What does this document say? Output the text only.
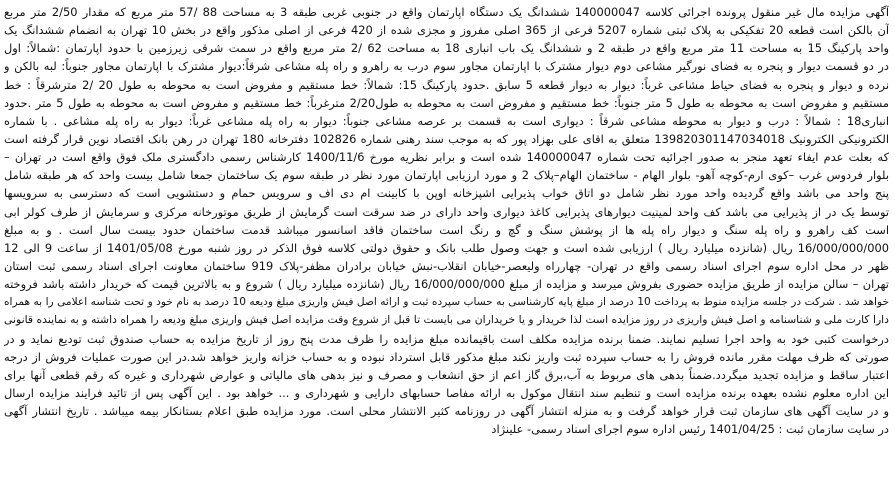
آگهی مزایده مال غیر منقول پرونده اجرائی کلاسه 140000047 ششدانگ یک دستگاه اپارتمان واقع در جنوبی غربی طبقه 3 به مساحت 88 /57 متر مربع که مقدار 2/50 متر مربع
آن بالکن است قطعه 20 تفکیکی به پلاک ثبتی شماره 5207 فرعی از 365 اصلی مفروز و مجزی شده از 420 فرعی از اصلی مذکور واقع در بخش 10 تهران به انضمام ششدانگ یک
واحد پارکینگ 15 به مساحت 11 متر مربع واقع در طبقه 2 و ششدانگ یک باب انباری 18 به مساحت 62 /2 متر مربع واقع در سمت شرقی زیرزمین با حدود اپارتمان :شمالاً: اول
در دو قسمت دیوار و پنجره به فضای نورگیر مشاعی دوم دیوار مشترک با اپارتمان مجاور سوم درب به راهرو و راه پله مشاعی شرقاً:دیوار مشترک با اپارتمان مجاور جنوباً: لبه بالکن و
نرده و دیوار و پنجره به فضای حیاط مشاعی غرباً: دیوار به دیوار قطعه 5 سابق .حدود پارکینگ 15: شمالاً: خط مستقیم و مفروض است به محوطه به طول 20 /2 مترشرقاً : خط
مستقیم و مفروض است به محوطه به طول 5 متر جنوباً: خط مستقیم و مفروض است به محوطه به طول2/20 مترغرباً: خط مستقیم و مفروض است به محوطه به طول 5 متر .حدود
انباری18 : شمالاً : درب و دیوار به محوطه مشاعی شرقاً : دیواری است به قسمت بر عرصه مشاعی جنوباً: دیوار به راه پله مشاعی غرباً: دیوار به راه پله مشاعی . با شماره
الکترونیکی الکترونیک 139820301147034018 متعلق به اقای علی بهزاد پور که به موجب سند رهنی شماره 102826 دفترخانه 180 تهران در رهن بانک اقتصاد نوین قرار گرفته است
که بعلت عدم ایفاء تعهد منجر به صدور اجرائیه تحت شماره 140000047 شده است و برابر نظریه مورخ 1400/11/6 کارشناس رسمی دادگستری ملک فوق واقع است در تهران –
بلوار فردوس غرب –کوی ارم-کوچه آهو- بلوار الهام - ساختمان الهام–پلاک 2 و مورد ارزیابی اپارتمان مورد نظر در طبقه سوم یک ساختمان جمعا شامل بیست واحد که هر طبقه شامل
پنج واحد می باشد واقع گردیده واحد مورد نظر شامل دو اتاق خواب پذیرایی اشپزخانه اوپن با کابینت ام دی اف و سرویس حمام و دستشویی است که دسترسی به سرویسها
توسط یک در از پذیرایی می باشد کف واحد لمینیت دیوارهای پذیرایی کاغذ دیواری واحد دارای در ضد سرقت است گرمایش از طریق موتورخانه مرکزی و سرمایش از طرف کولر ابی
است کف راهرو و راه پله سنگ و دیوار راه پله ها از پوشش سنگ و گچ و رنگ است ساختمان فاقد اسانسور میباشد قدمت ساختمان حدود بیست سال است . و به مبلغ
16/000/000/000 ریال (شانزده میلیارد ریال ) ارزیابی شده است و جهت وصول طلب بانک و حقوق دولتی کلاسه فوق الذکر در روز شنبه مورخ 1401/05/08 از ساعت 9 الی 12
ظهر در محل اداره سوم اجرای اسناد رسمی واقع در تهران- چهارراه ولیعصر-خیابان انقلاب-نبش خیابان برادران مظفر-پلاک 919 ساختمان معاونت اجرای اسناد رسمی ثبت استان
تهران – سالن مزایده از طریق مزایده حضوری بفروش میرسد و مزایده از مبلغ 16/000/000/000 ریال (شانزده میلیارد ریال ) شروع و به بالاترین قیمت که خریدار داشته باشد فروخته
خواهد شد . شرکت در جلسه مزایده منوط به پرداخت 10 درصد از مبلغ پایه کارشناسی به حساب سپرده ثبت و ارائه اصل فیش واریزی مبلغ ودیعه 10 درصد به نام خود و تحت شناسه اعلامی را به همراه
دارا کارت ملی و شناسنامه و اصل فیش واریزی در روز مزایده است لذا خریدار و یا خریداران می بایست تا قبل از شروع وقت مزایده اصل فیش واریزی مبلغ ودیعه را همراه داشته و به نماینده قانونی
درخواست کتبی خود به واحد اجرا تسلیم نمایند. ضمنا برنده مزایده مکلف است باقیمانده مبلغ مزایده را ظرف مدت پنج روز از تاریخ مزایده به حساب صندوق ثبت تودیع نماید و در
صورتی که ظرف مهلت مقرر مانده فروش را به حساب سپرده ثبت واریز نکند مبلغ مذکور قابل استرداد نبوده و به حساب خزانه واریز خواهد شد.در این صورت عملیات فروش از درجه
اعتبار ساقط و مزایده تجدید میگردد.ضمناً بدهی های مربوط به آب،برق گاز اعم از حق انشعاب و مصرف و نیز بدهی های مالیاتی و عوارض شهرداری و غیره که رقم قطعی آنها برای
این اداره معلوم نشده بعهده برنده مزایده است و تنظیم سند انتقال موکول به ارائه مفاصا حسابهای دارایی و شهرداری و ... خواهد بود . این آگهی پس از تائید فرایند مزایده ارسال
و در سایت آگهی های سازمان ثبت قرار خواهد گرفت و به منزله انتشار آگهی در روزنامه کثیر الانتشار محلی است. مورد مزایده طبق اعلام بستانکار بیمه میباشد . تاریخ انتشار آگهی
در سایت سازمان ثبت : 1401/04/25 رئیس اداره سوم اجرای اسناد رسمی- علینژاد
